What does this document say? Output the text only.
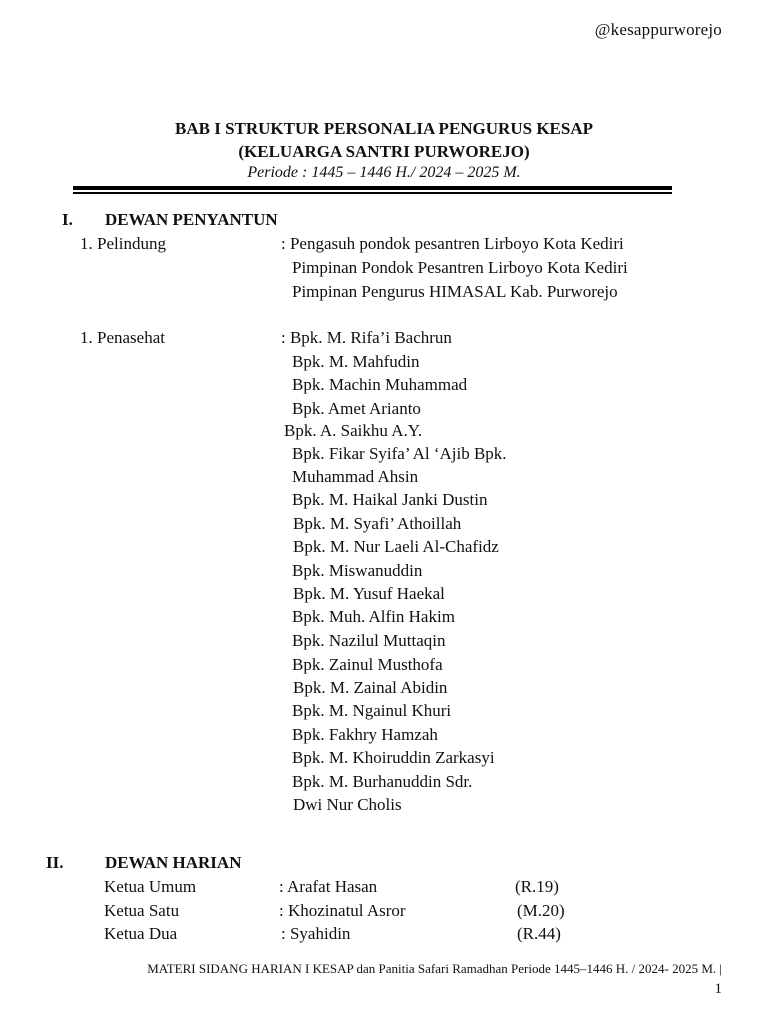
@kesappurworejo
BAB I STRUKTUR PERSONALIA PENGURUS KESAP
(KELUARGA SANTRI PURWOREJO)
Periode : 1445 – 1446 H./ 2024 – 2025 M.
I. DEWAN PENYANTUN
1. Pelindung	: Pengasuh pondok pesantren Lirboyo Kota Kediri
Pimpinan Pondok Pesantren Lirboyo Kota Kediri
Pimpinan Pengurus HIMASAL Kab. Purworejo
1. Penasehat	: Bpk. M. Rifa’i Bachrun
Bpk. M. Mahfudin
Bpk. Machin Muhammad
Bpk. Amet Arianto
Bpk. A. Saikhu A.Y.
Bpk. Fikar Syifa’ Al ‘Ajib Bpk.
Muhammad Ahsin
Bpk. M. Haikal Janki Dustin
Bpk. M. Syafi’ Athoillah
Bpk. M. Nur Laeli Al-Chafidz
Bpk. Miswanuddin
Bpk. M. Yusuf Haekal
Bpk. Muh. Alfin Hakim
Bpk. Nazilul Muttaqin
Bpk. Zainul Musthofa
Bpk. M. Zainal Abidin
Bpk. M. Ngainul Khuri
Bpk. Fakhry Hamzah
Bpk. M. Khoiruddin Zarkasyi
Bpk. M. Burhanuddin Sdr.
Dwi Nur Cholis
II. DEWAN HARIAN
Ketua Umum	: Arafat Hasan	(R.19)
Ketua Satu	: Khozinatul Asror	(M.20)
Ketua Dua	: Syahidin	(R.44)
MATERI SIDANG HARIAN I KESAP dan Panitia Safari Ramadhan Periode 1445–1446 H. / 2024- 2025 M. |
1
